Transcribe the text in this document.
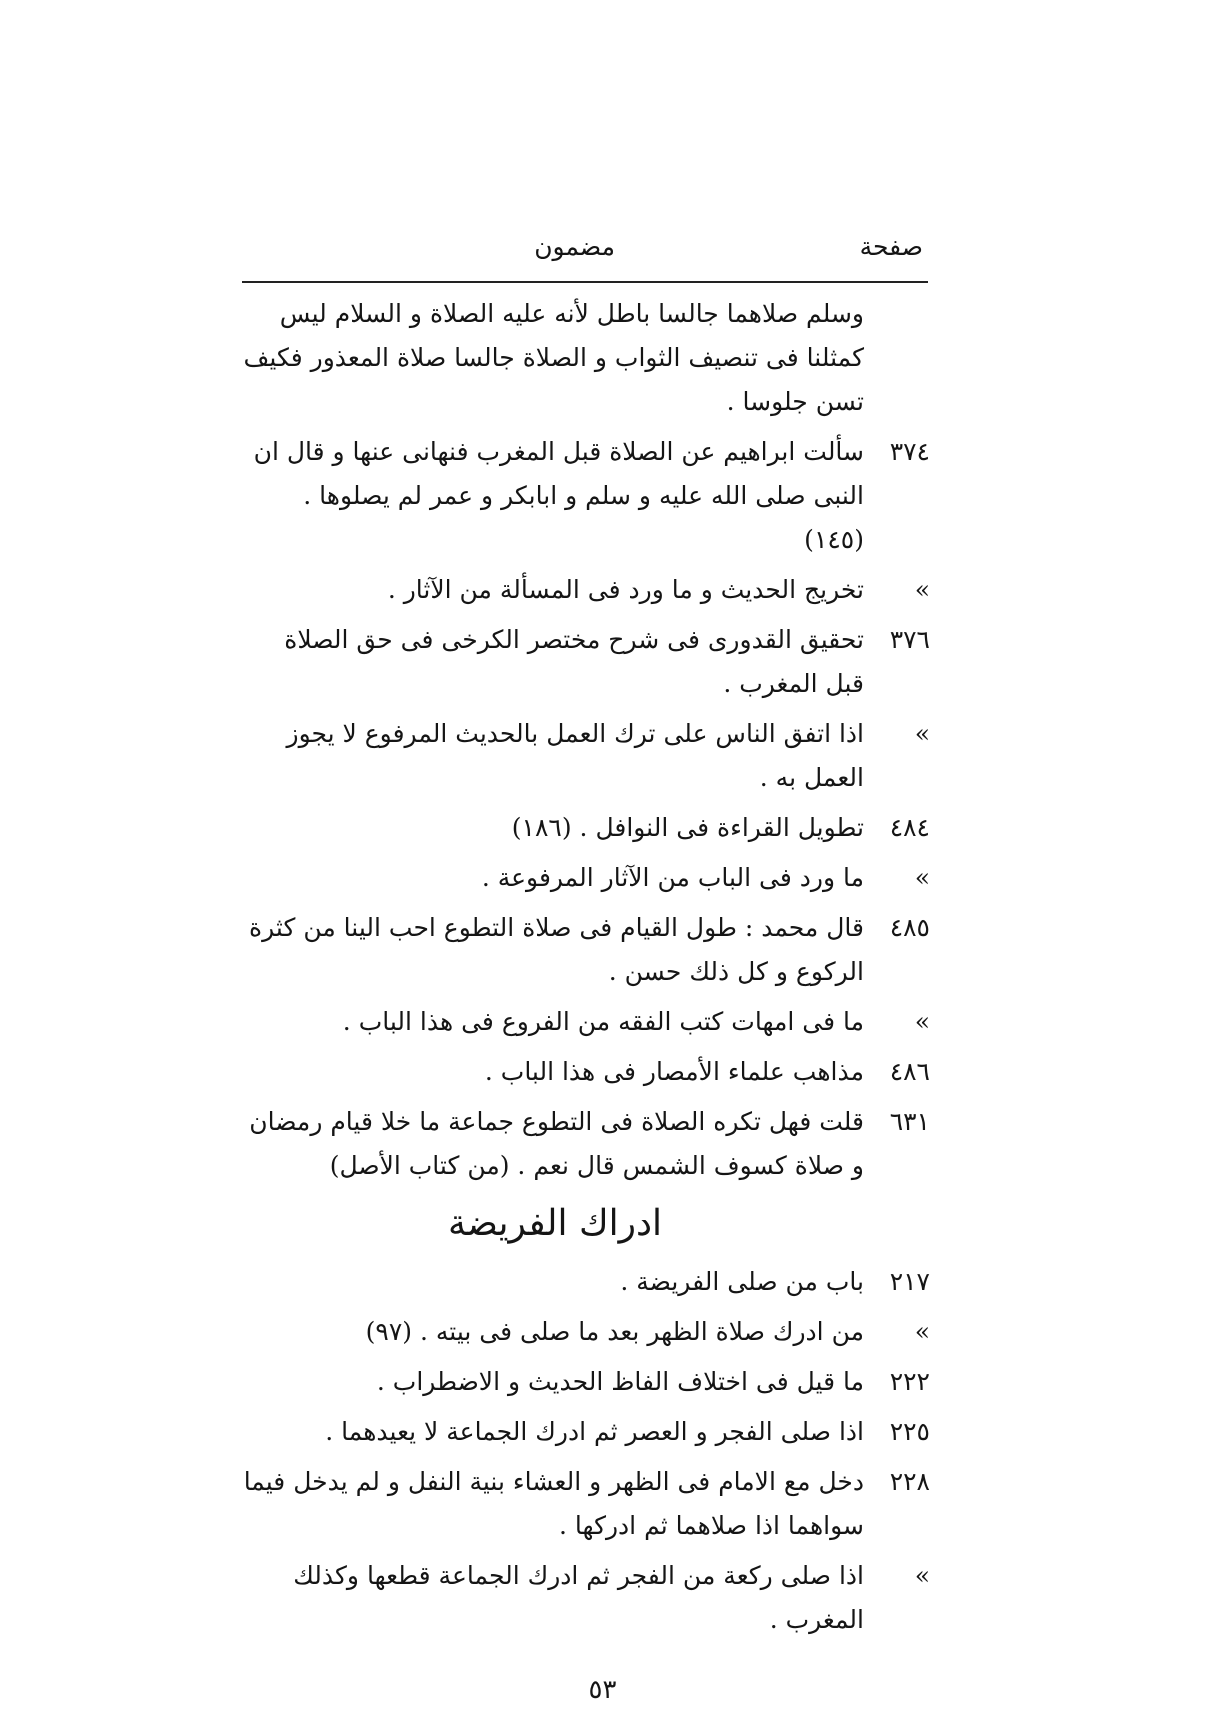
صفحة
مضمون
وسلم صلاهما جالسا باطل لأنه عليه الصلاة و السلام ليس كمثلنا فى تنصيف الثواب و الصلاة جالسا صلاة المعذور فكيف تسن جلوسا .
٣٧٤
سألت ابراهيم عن الصلاة قبل المغرب فنهانى عنها و قال ان النبى صلى الله عليه و سلم و ابابكر و عمر لم يصلوها . (١٤٥)
»
تخريج الحديث و ما ورد فى المسألة من الآثار .
٣٧٦
تحقيق القدورى فى شرح مختصر الكرخى فى حق الصلاة قبل المغرب .
»
اذا اتفق الناس على ترك العمل بالحديث المرفوع لا يجوز العمل به .
٤٨٤
تطويل القراءة فى النوافل . (١٨٦)
»
ما ورد فى الباب من الآثار المرفوعة .
٤٨٥
قال محمد : طول القيام فى صلاة التطوع احب الينا من كثرة الركوع و كل ذلك حسن .
»
ما فى امهات كتب الفقه من الفروع فى هذا الباب .
٤٨٦
مذاهب علماء الأمصار فى هذا الباب .
٦٣١
قلت فهل تكره الصلاة فى التطوع جماعة ما خلا قيام رمضان و صلاة كسوف الشمس قال نعم . (من كتاب الأصل)
ادراك الفريضة
٢١٧
باب من صلى الفريضة .
»
من ادرك صلاة الظهر بعد ما صلى فى بيته . (٩٧)
٢٢٢
ما قيل فى اختلاف الفاظ الحديث و الاضطراب .
٢٢٥
اذا صلى الفجر و العصر ثم ادرك الجماعة لا يعيدهما .
٢٢٨
دخل مع الامام فى الظهر و العشاء بنية النفل و لم يدخل فيما سواهما اذا صلاهما ثم ادركها .
»
اذا صلى ركعة من الفجر ثم ادرك الجماعة قطعها وكذلك المغرب .
٥٣
